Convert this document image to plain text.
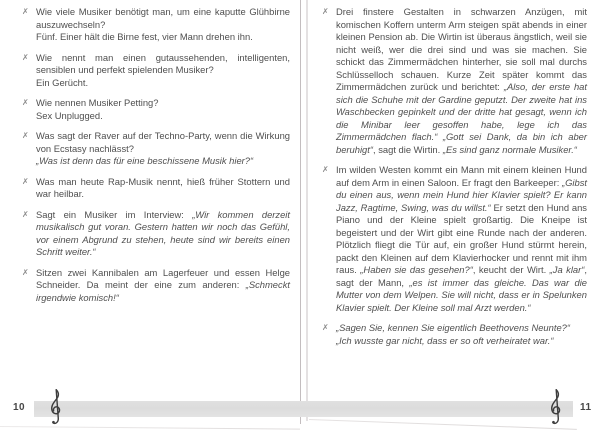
✗ Wie viele Musiker benötigt man, um eine kaputte Glühbirne auszuwechseln?
Fünf. Einer hält die Birne fest, vier Mann drehen ihn.
✗ Wie nennt man einen gutaussehenden, intelligenten, sensiblen und perfekt spielenden Musiker?
Ein Gerücht.
✗ Wie nennen Musiker Petting?
Sex Unplugged.
✗ Was sagt der Raver auf der Techno-Party, wenn die Wirkung von Ecstasy nachlässt?
„Was ist denn das für eine beschissene Musik hier?“
✗ Was man heute Rap-Musik nennt, hieß früher Stottern und war heilbar.
✗ Sagt ein Musiker im Interview: „Wir kommen derzeit musikalisch gut voran. Gestern hatten wir noch das Gefühl, vor einem Abgrund zu stehen, heute sind wir bereits einen Schritt weiter.“
✗ Sitzen zwei Kannibalen am Lagerfeuer und essen Helge Schneider. Da meint der eine zum anderen: „Schmeckt irgendwie komisch!“
✗ Drei finstere Gestalten in schwarzen Anzügen, mit komischen Koffern unterm Arm steigen spät abends in einer kleinen Pension ab. Die Wirtin ist überaus ängstlich, weil sie nicht weiß, wer die drei sind und was sie machen. Sie schickt das Zimmermädchen hinterher, sie soll mal durchs Schlüsselloch schauen. Kurze Zeit später kommt das Zimmermädchen zurück und berichtet: „Also, der erste hat sich die Schuhe mit der Gardine geputzt. Der zweite hat ins Waschbecken gepinkelt und der dritte hat gesagt, wenn ich die Minibar leer gesoffen habe, lege ich das Zimmermädchen flach.“ „Gott sei Dank, da bin ich aber beruhigt“, sagt die Wirtin. „Es sind ganz normale Musiker.“
✗ Im wilden Westen kommt ein Mann mit einem kleinen Hund auf dem Arm in einen Saloon. Er fragt den Barkeeper: „Gibst du einen aus, wenn mein Hund hier Klavier spielt? Er kann Jazz, Ragtime, Swing, was du willst.“ Er setzt den Hund ans Piano und der Kleine spielt großartig. Die Kneipe ist begeistert und der Wirt gibt eine Runde nach der anderen. Plötzlich fliegt die Tür auf, ein großer Hund stürmt herein, packt den Kleinen auf dem Klavierhocker und rennt mit ihm raus. „Haben sie das gesehen?“, keucht der Wirt. „Ja klar“, sagt der Mann, „es ist immer das gleiche. Das war die Mutter von dem Welpen. Sie will nicht, dass er in Spelunken Klavier spielt. Der Kleine soll mal Arzt werden.“
✗ „Sagen Sie, kennen Sie eigentlich Beethovens Neunte?“
„Ich wusste gar nicht, dass er so oft verheiratet war.“
10	11
